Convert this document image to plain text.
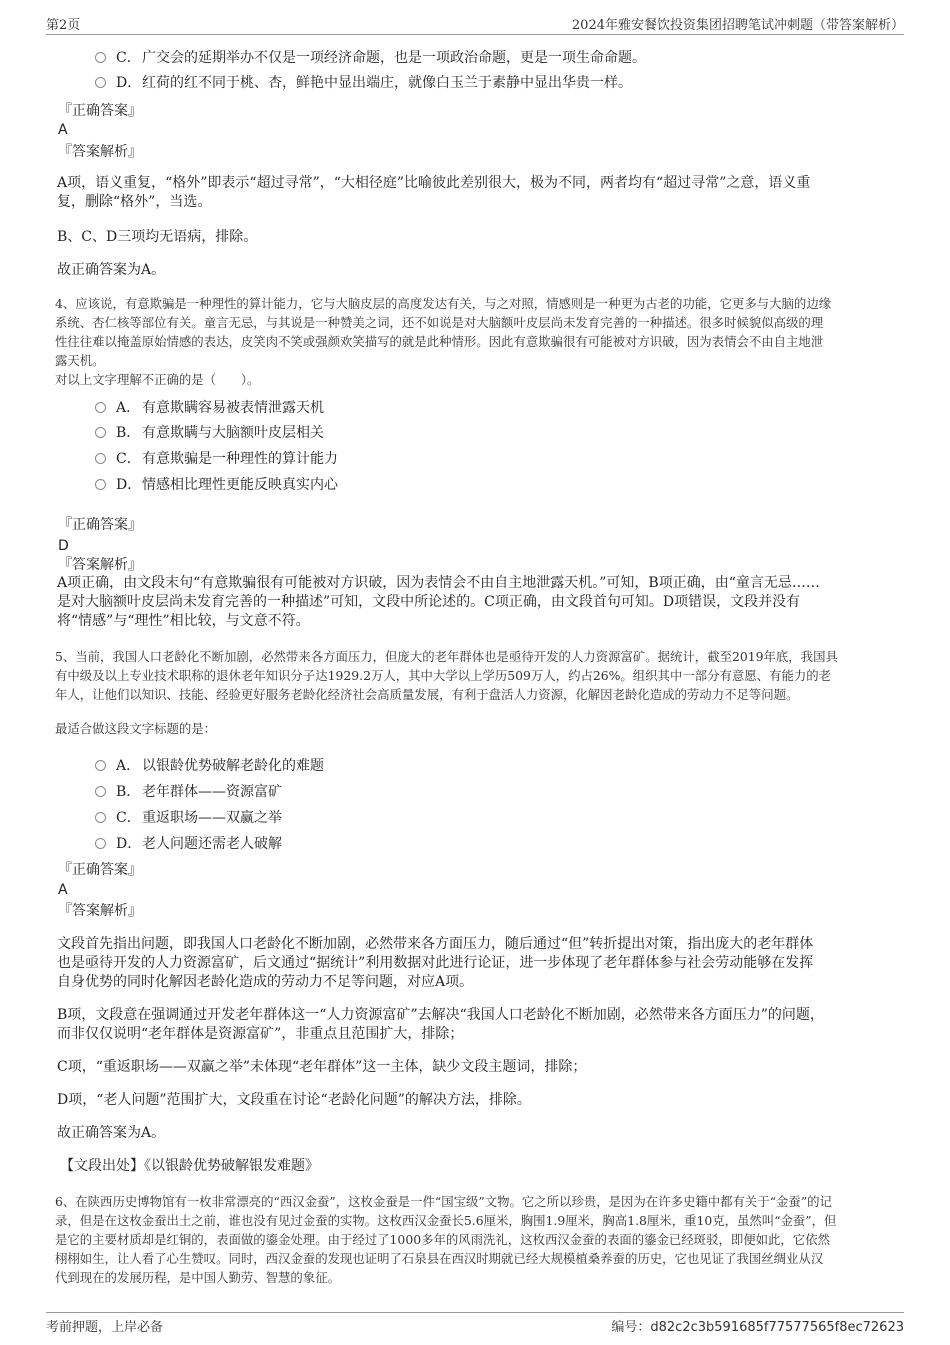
第2页	2024年雅安餐饮投资集团招聘笔试冲刺题（带答案解析）
C．广交会的延期举办不仅是一项经济命题，也是一项政治命题，更是一项生命命题。
D．红荷的红不同于桃、杏，鲜艳中显出端庄，就像白玉兰于素静中显出华贵一样。
『正确答案』
A
『答案解析』
A项，语义重复，“格外”即表示“超过寻常”，“大相径庭”比喻彼此差别很大，极为不同，两者均有“超过寻常”之意，语义重
复，删除“格外”，当选。
B、C、D三项均无语病，排除。
故正确答案为A。
4、应该说，有意欺骗是一种理性的算计能力，它与大脑皮层的高度发达有关，与之对照，情感则是一种更为古老的功能，它更多与大脑的边缘
系统、杏仁核等部位有关。童言无忌，与其说是一种赞美之词，还不如说是对大脑额叶皮层尚未发育完善的一种描述。很多时候貌似高级的理
性往往难以掩盖原始情感的表达，皮笑肉不笑或强颜欢笑描写的就是此种情形。因此有意欺骗很有可能被对方识破，因为表情会不由自主地泄
露天机。
对以上文字理解不正确的是（　　）。
A． 有意欺瞒容易被表情泄露天机
B． 有意欺瞒与大脑额叶皮层相关
C．有意欺骗是一种理性的算计能力
D．情感相比理性更能反映真实内心
『正确答案』
D
『答案解析』
A项正确，由文段末句“有意欺骗很有可能被对方识破，因为表情会不由自主地泄露天机。”可知，B项正确，由“童言无忌……
是对大脑额叶皮层尚未发育完善的一种描述”可知，文段中所论述的。C项正确，由文段首句可知。D项错误，文段并没有
将“情感”与“理性”相比较，与文意不符。
5、当前，我国人口老龄化不断加剧，必然带来各方面压力，但庞大的老年群体也是亟待开发的人力资源富矿。据统计，截至2019年底，我国具
有中级及以上专业技术职称的退休老年知识分子达1929.2万人，其中大学以上学历509万人，约占26%。组织其中一部分有意愿、有能力的老
年人，让他们以知识、技能、经验更好服务老龄化经济社会高质量发展，有利于盘活人力资源，化解因老龄化造成的劳动力不足等问题。
最适合做这段文字标题的是：
A． 以银龄优势破解老龄化的难题
B． 老年群体——资源富矿
C．重返职场——双赢之举
D．老人问题还需老人破解
『正确答案』
A
『答案解析』
文段首先指出问题，即我国人口老龄化不断加剧，必然带来各方面压力，随后通过“但”转折提出对策，指出庞大的老年群体
也是亟待开发的人力资源富矿，后文通过“据统计”利用数据对此进行论证，进一步体现了老年群体参与社会劳动能够在发挥
自身优势的同时化解因老龄化造成的劳动力不足等问题，对应A项。
B项，文段意在强调通过开发老年群体这一“人力资源富矿”去解决“我国人口老龄化不断加剧，必然带来各方面压力”的问题，
而非仅仅说明“老年群体是资源富矿”，非重点且范围扩大，排除；
C项，“重返职场——双赢之举”未体现“老年群体”这一主体，缺少文段主题词，排除；
D项，“老人问题”范围扩大，文段重在讨论“老龄化问题”的解决方法，排除。
故正确答案为A。
【文段出处】《以银龄优势破解银发难题》
6、在陕西历史博物馆有一枚非常漂亮的“西汉金蚕”，这枚金蚕是一件“国宝级”文物。它之所以珍贵，是因为在许多史籍中都有关于“金蚕”的记
录，但是在这枚金蚕出土之前，谁也没有见过金蚕的实物。这枚西汉金蚕长5.6厘米，胸围1.9厘米，胸高1.8厘米，重10克，虽然叫“金蚕”，但
是它的主要材质却是红铜的，表面做的鎏金处理。由于经过了1000多年的风雨洗礼，这枚西汉金蚕的表面的鎏金已经斑驳，即便如此，它依然
栩栩如生，让人看了心生赞叹。同时，西汉金蚕的发现也证明了石泉县在西汉时期就已经大规模植桑养蚕的历史，它也见证了我国丝绸业从汉
代到现在的发展历程，是中国人勤劳、智慧的象征。
考前押题，上岸必备	编号：d82c2c3b591685f77577565f8ec72623
